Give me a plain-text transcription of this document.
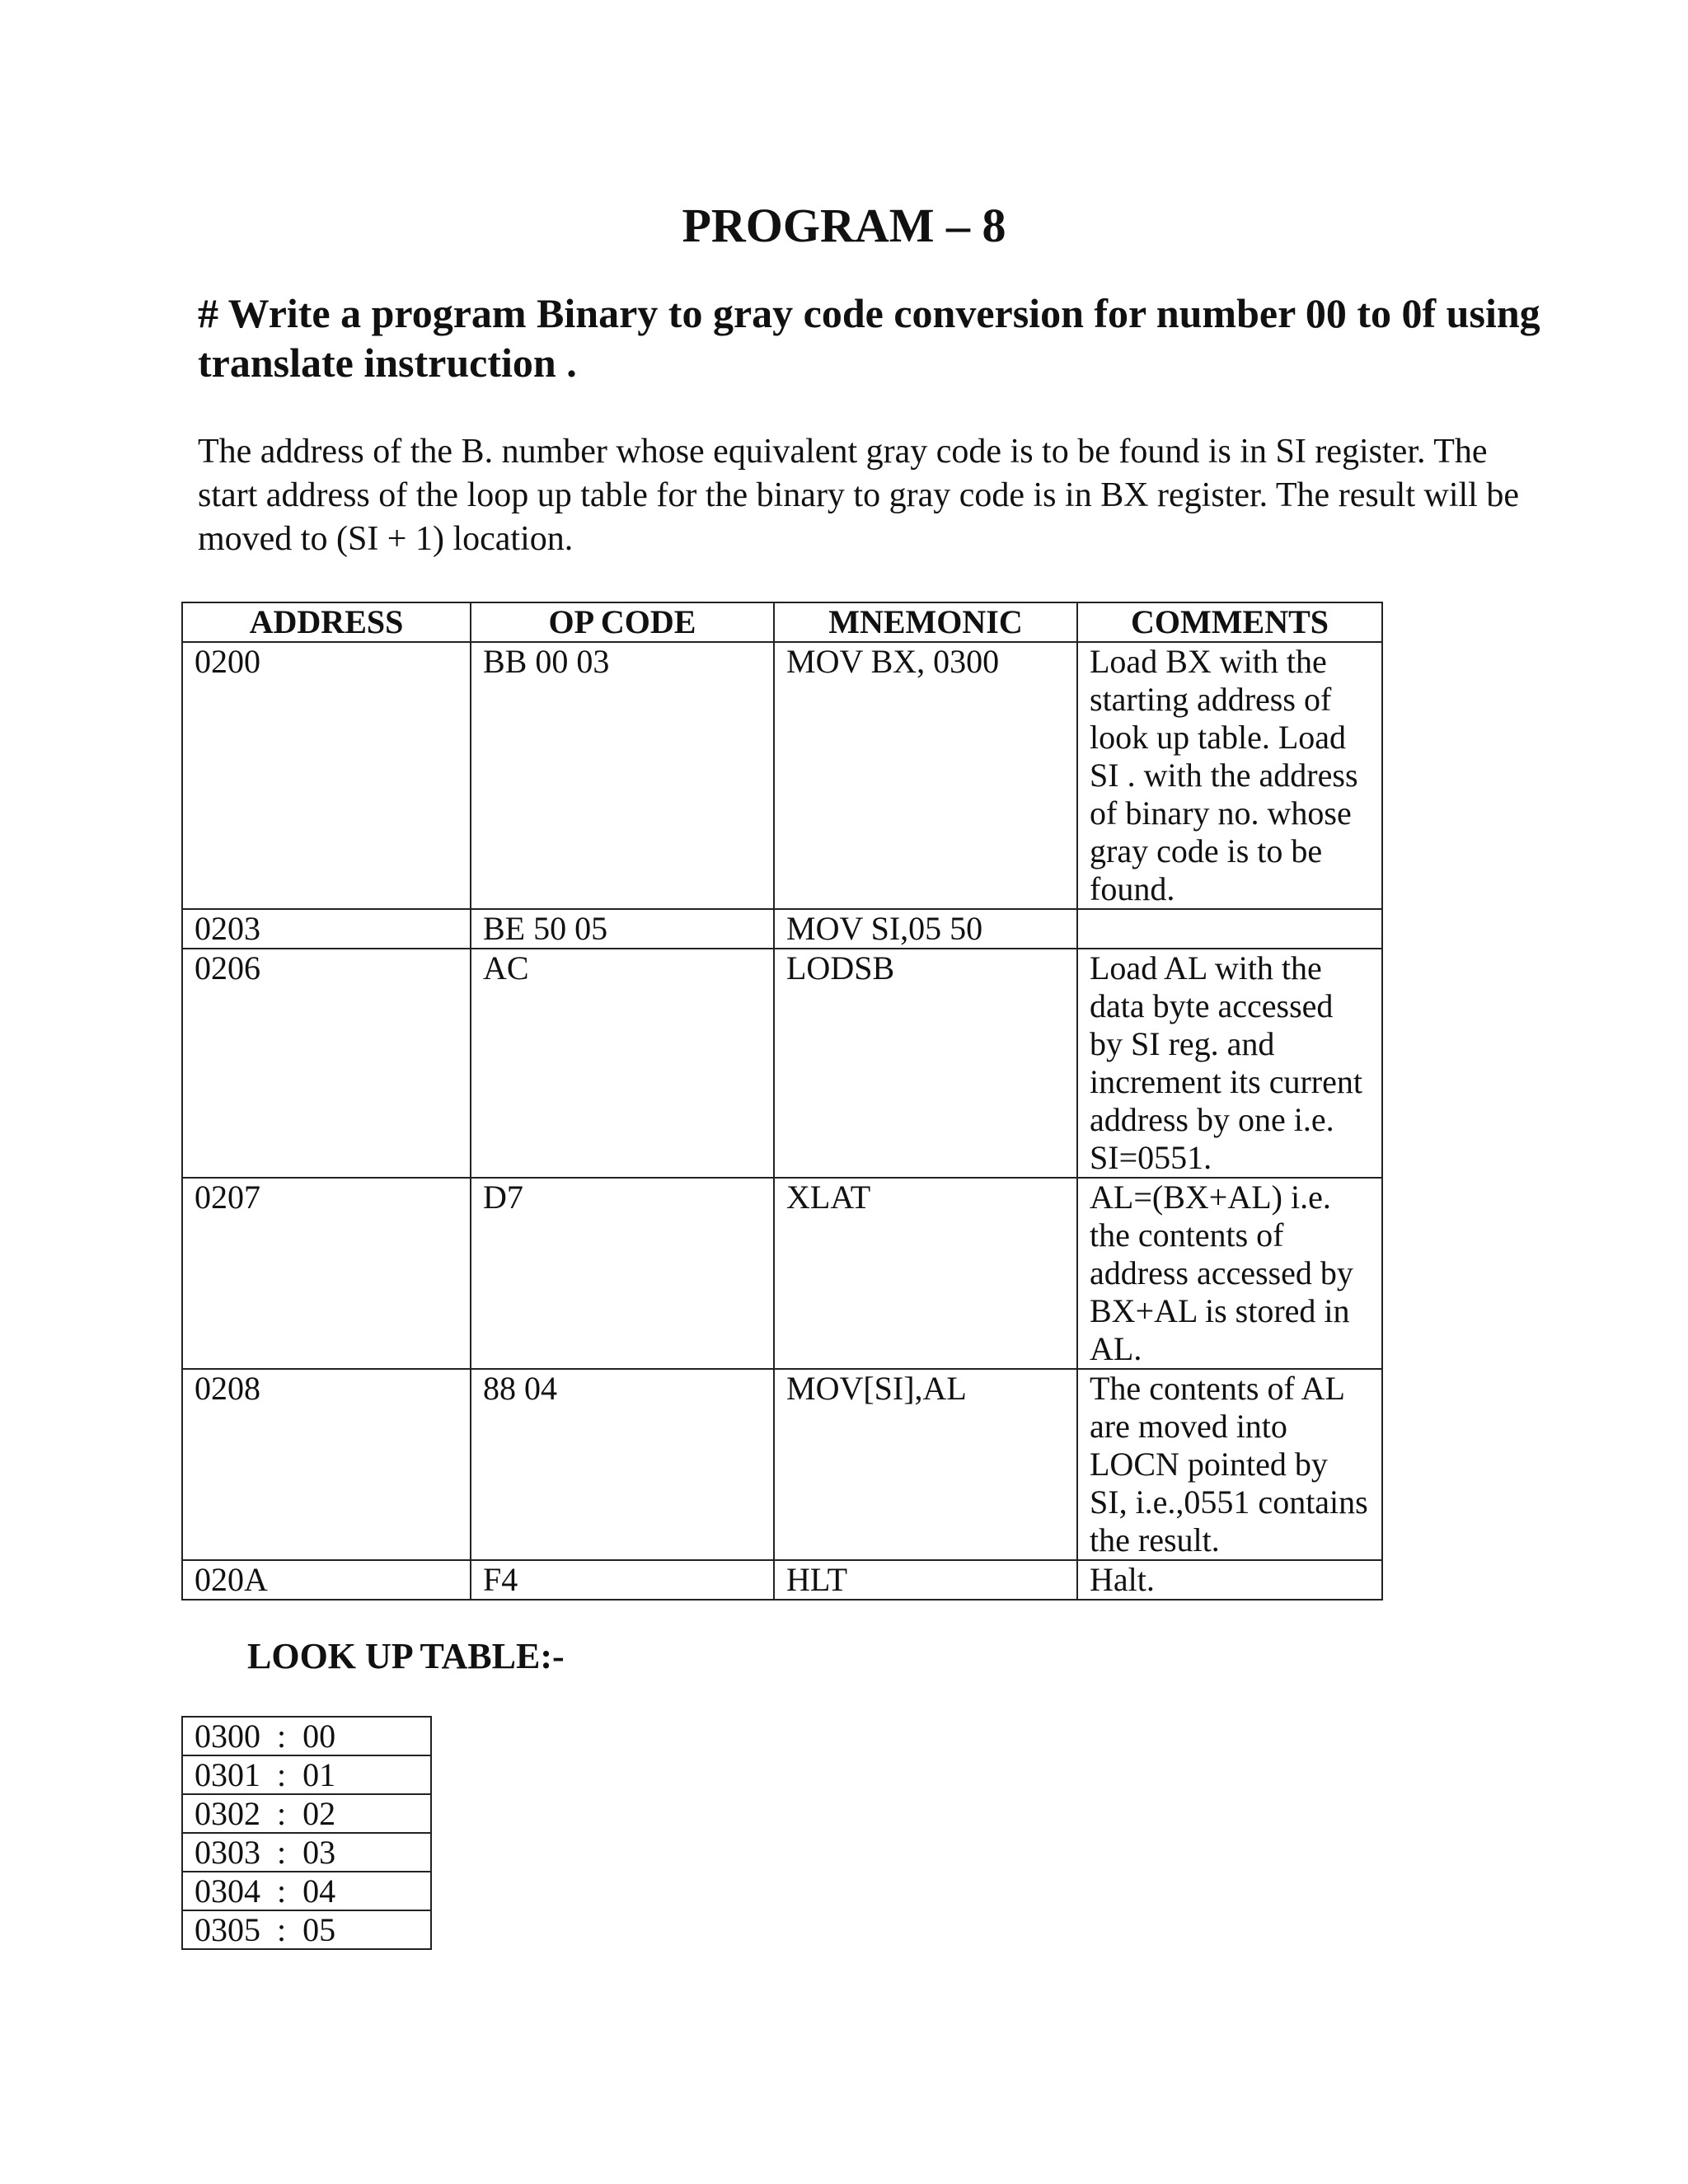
PROGRAM – 8
# Write a program Binary to gray code conversion for number 00 to 0f using translate instruction .
The address of the B. number whose equivalent gray code is to be found is in SI register. The start address of the loop up table for the binary to gray code is in BX register. The result will be moved to (SI + 1) location.
ADDRESS	OP CODE	MNEMONIC	COMMENTS
0200	BB 00 03	MOV BX, 0300	Load BX with the starting address of look up table. Load SI . with the address of binary no. whose gray code is to be found.
0203	BE 50 05	MOV SI,05 50	
0206	AC	LODSB	Load AL with the data byte accessed by SI reg. and increment its current address by one i.e. SI=0551.
0207	D7	XLAT	AL=(BX+AL) i.e. the contents of address accessed by BX+AL is stored in AL.
0208	88 04	MOV[SI],AL	The contents of AL are moved into LOCN pointed by SI, i.e.,0551 contains the result.
020A	F4	HLT	Halt.
LOOK UP TABLE:-
0300  :  00
0301  :  01
0302  :  02
0303  :  03
0304  :  04
0305  :  05
